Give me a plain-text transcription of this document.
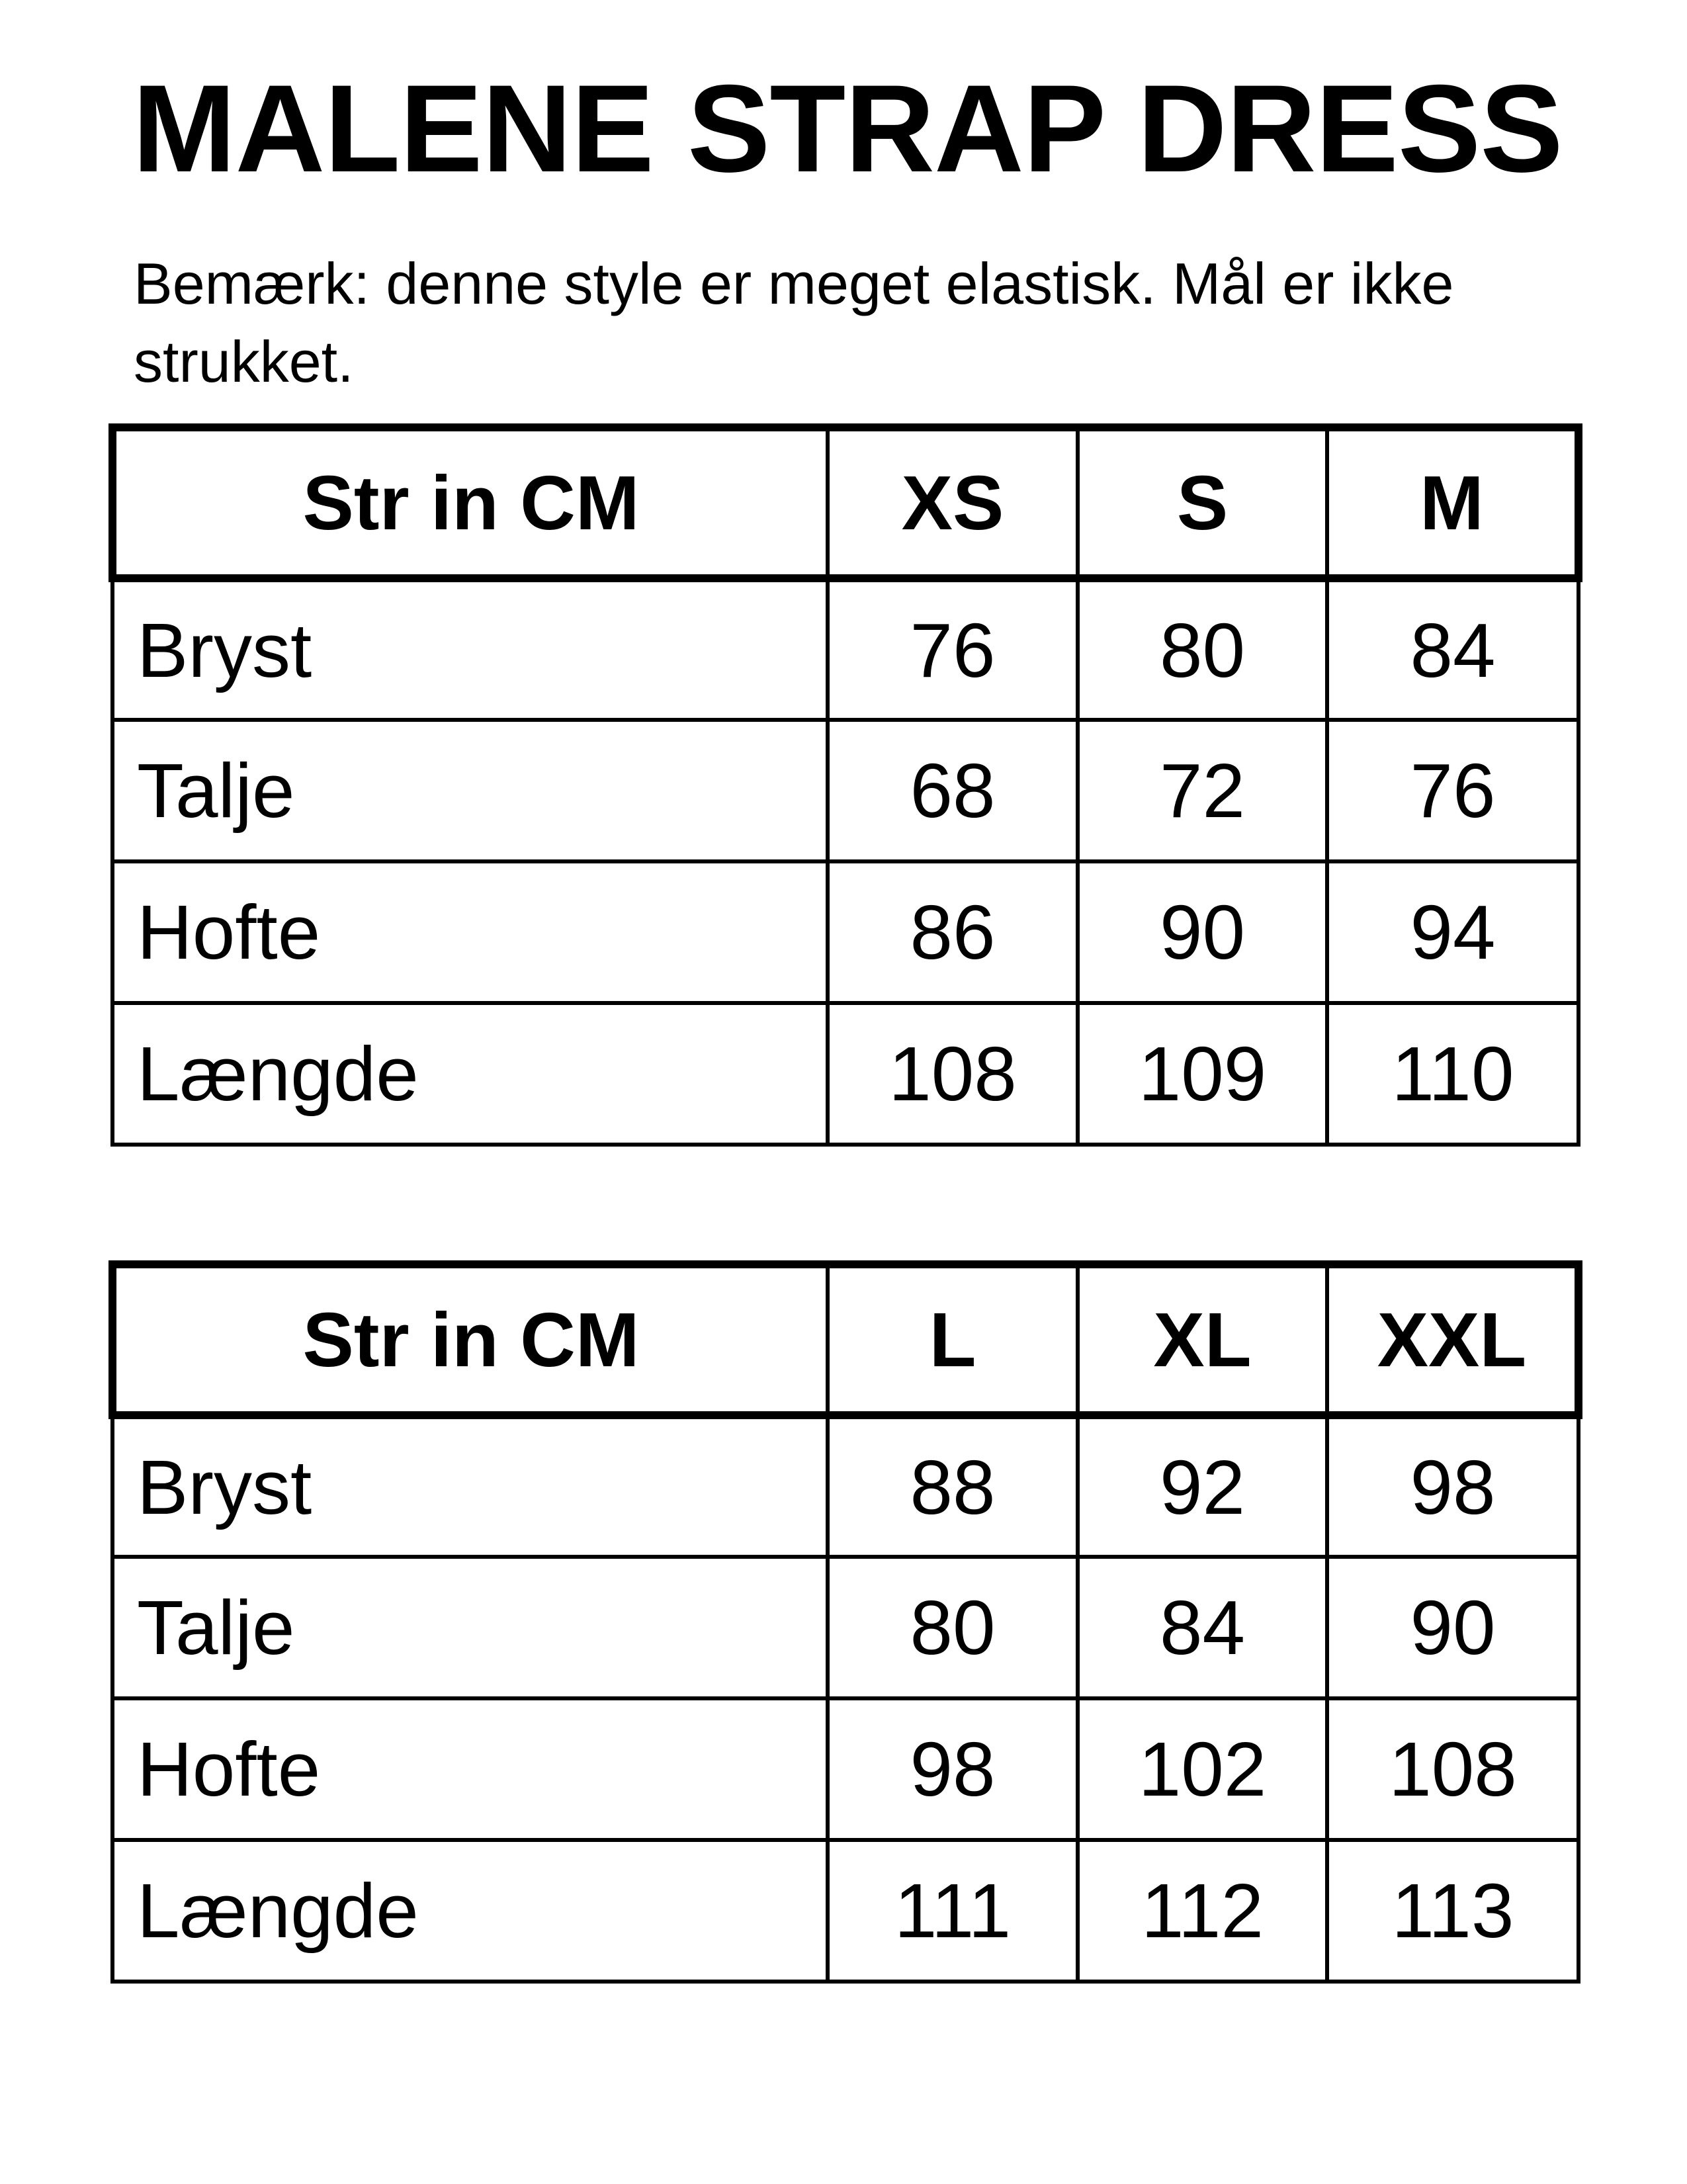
MALENE STRAP DRESS

Bemærk: denne style er meget elastisk. Mål er ikke strukket.

Str in CM	XS	S	M
Bryst	76	80	84
Talje	68	72	76
Hofte	86	90	94
Længde	108	109	110
Str in CM	L	XL	XXL
Bryst	88	92	98
Talje	80	84	90
Hofte	98	102	108
Længde	111	112	113
